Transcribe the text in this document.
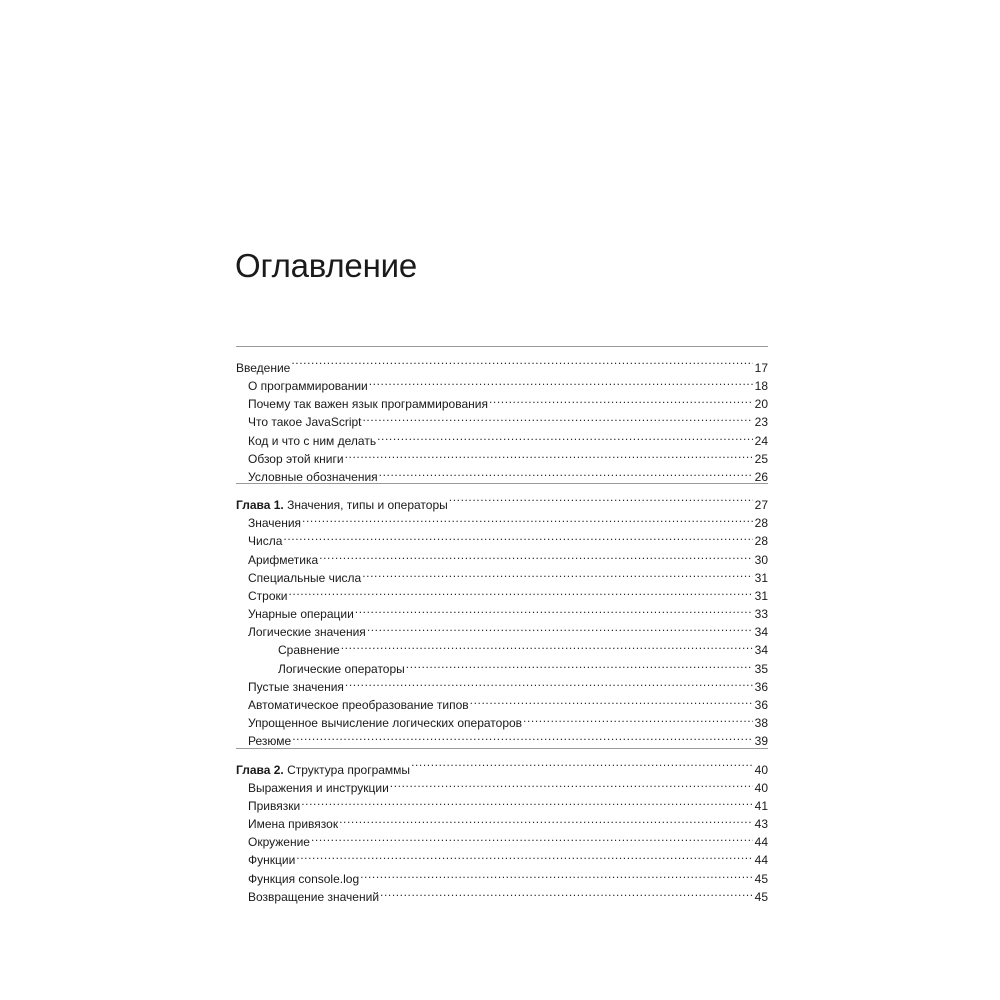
Оглавление
Введение .....	17
О программировании .....	18
Почему так важен язык программирования .....	20
Что такое JavaScript .....	23
Код и что с ним делать .....	24
Обзор этой книги .....	25
Условные обозначения .....	26
Глава 1. Значения, типы и операторы .....	27
Значения .....	28
Числа .....	28
Арифметика .....	30
Специальные числа .....	31
Строки .....	31
Унарные операции .....	33
Логические значения .....	34
Сравнение .....	34
Логические операторы .....	35
Пустые значения .....	36
Автоматическое преобразование типов .....	36
Упрощенное вычисление логических операторов .....	38
Резюме .....	39
Глава 2. Структура программы .....	40
Выражения и инструкции .....	40
Привязки .....	41
Имена привязок .....	43
Окружение .....	44
Функции .....	44
Функция console.log .....	45
Возвращение значений .....	45
